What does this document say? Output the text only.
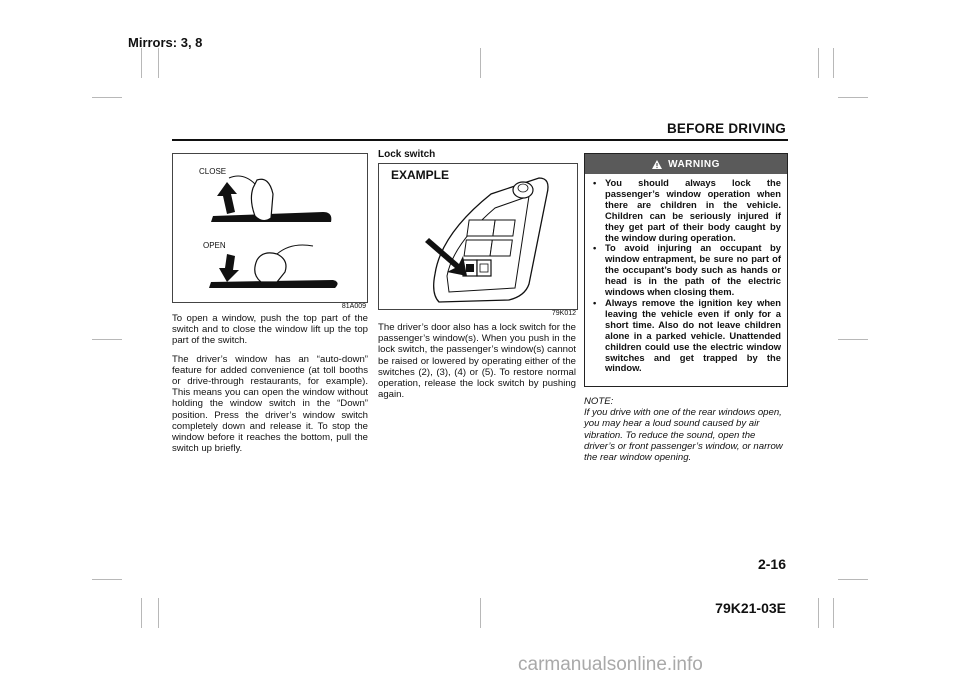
Mirrors: 3, 8
BEFORE DRIVING
CLOSE
OPEN
81A009

To open a window, push the top part of the switch and to close the window lift up the top part of the switch.

The driver’s window has an “auto-down” feature for added convenience (at toll booths or drive-through restaurants, for example). This means you can open the window without holding the window switch in the “Down” position. Press the driver’s window switch completely down and release it. To stop the window before it reaches the bottom, pull the switch up briefly.

Lock switch
EXAMPLE
79K012

The driver’s door also has a lock switch for the passenger’s window(s). When you push in the lock switch, the passenger’s window(s) cannot be raised or lowered by operating either of the switches (2), (3), (4) or (5). To restore normal operation, release the lock switch by pushing again.

WARNING
• You should always lock the passenger’s window operation when there are children in the vehicle. Children can be seriously injured if they get part of their body caught by the window during operation.
• To avoid injuring an occupant by window entrapment, be sure no part of the occupant’s body such as hands or head is in the path of the electric windows when closing them.
• Always remove the ignition key when leaving the vehicle even if only for a short time. Also do not leave children alone in a parked vehicle. Unattended children could use the electric window switches and get trapped by the window.
NOTE:
If you drive with one of the rear windows open, you may hear a loud sound caused by air vibration. To reduce the sound, open the driver’s or front passenger’s window, or narrow the rear window opening.
2-16
79K21-03E
carmanualsonline.info
